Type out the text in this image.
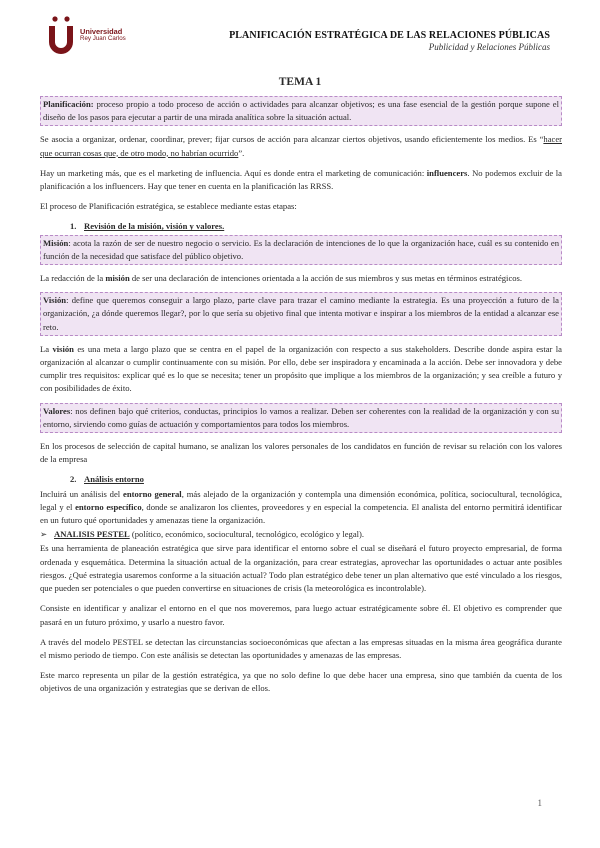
Universidad
Rey Juan Carlos	PLANIFICACIÓN ESTRATÉGICA DE LAS RELACIONES PÚBLICAS
Publicidad y Relaciones Públicas
TEMA 1
Planificación: proceso propio a todo proceso de acción o actividades para alcanzar objetivos; es una fase esencial de la gestión porque supone el diseño de los pasos para ejecutar a partir de una mirada analítica sobre la situación actual.

Se asocia a organizar, ordenar, coordinar, prever; fijar cursos de acción para alcanzar ciertos objetivos, usando eficientemente los medios. Es “hacer que ocurran cosas que, de otro modo, no habrían ocurrido”.

Hay un marketing más, que es el marketing de influencia. Aquí es donde entra el marketing de comunicación: influencers. No podemos excluir de la planificación a los influencers. Hay que tener en cuenta en la planificación las RRSS.

El proceso de Planificación estratégica, se establece mediante estas etapas:

1. Revisión de la misión, visión y valores.
Misión: acota la razón de ser de nuestro negocio o servicio. Es la declaración de intenciones de lo que la organización hace, cuál es su contenido en función de la necesidad que satisface del público objetivo.

La redacción de la misión de ser una declaración de intenciones orientada a la acción de sus miembros y sus metas en términos estratégicos.

Visión: define que queremos conseguir a largo plazo, parte clave para trazar el camino mediante la estrategia. Es una proyección a futuro de la organización, ¿a dónde queremos llegar?, por lo que sería su objetivo final que intenta motivar e inspirar a los miembros de la entidad a alcanzar ese reto.

La visión es una meta a largo plazo que se centra en el papel de la organización con respecto a sus stakeholders. Describe donde aspira estar la organización al alcanzar o cumplir continuamente con su misión. Por ello, debe ser inspiradora y encaminada a la acción. Debe ser innovadora y debe cumplir tres requisitos: explicar qué es lo que se necesita; tener un propósito que implique a los miembros de la organización; y sea creíble a futuro y con posibilidades de éxito.

Valores: nos definen bajo qué criterios, conductas, principios lo vamos a realizar. Deben ser coherentes con la realidad de la organización y con su entorno, sirviendo como guías de actuación y comportamientos para todos los miembros.

En los procesos de selección de capital humano, se analizan los valores personales de los candidatos en función de revisar su relación con los valores de la empresa

2. Análisis entorno

Incluirá un análisis del entorno general, más alejado de la organización y contempla una dimensión económica, política, sociocultural, tecnológica, legal y el entorno específico, donde se analizaron los clientes, proveedores y en especial la competencia. El analista del entorno permitirá identificar en un futuro qué oportunidades y amenazas tiene la organización.

➢ ANALISIS PESTEL (político, económico, sociocultural, tecnológico, ecológico y legal).

Es una herramienta de planeación estratégica que sirve para identificar el entorno sobre el cual se diseñará el futuro proyecto empresarial, de forma ordenada y esquemática. Determina la situación actual de la organización, para crear estrategias, aprovechar las oportunidades o actuar ante posibles riesgos. ¿Qué estrategia usaremos conforme a la situación actual? Todo plan estratégico debe tener un plan alternativo que esté vinculado a los riesgos, que pueden ser potenciales o que pueden convertirse en situaciones de crisis (la meteorológica es incontrolable).

Consiste en identificar y analizar el entorno en el que nos moveremos, para luego actuar estratégicamente sobre él. El objetivo es comprender que pasará en un futuro próximo, y usarlo a nuestro favor.

A través del modelo PESTEL se detectan las circunstancias socioeconómicas que afectan a las empresas situadas en la misma área geográfica durante el mismo periodo de tiempo. Con este análisis se detectan las oportunidades y amenazas de las empresas.

Este marco representa un pilar de la gestión estratégica, ya que no solo define lo que debe hacer una empresa, sino que también da cuenta de los objetivos de una organización y estrategias que se derivan de ellos.

1
